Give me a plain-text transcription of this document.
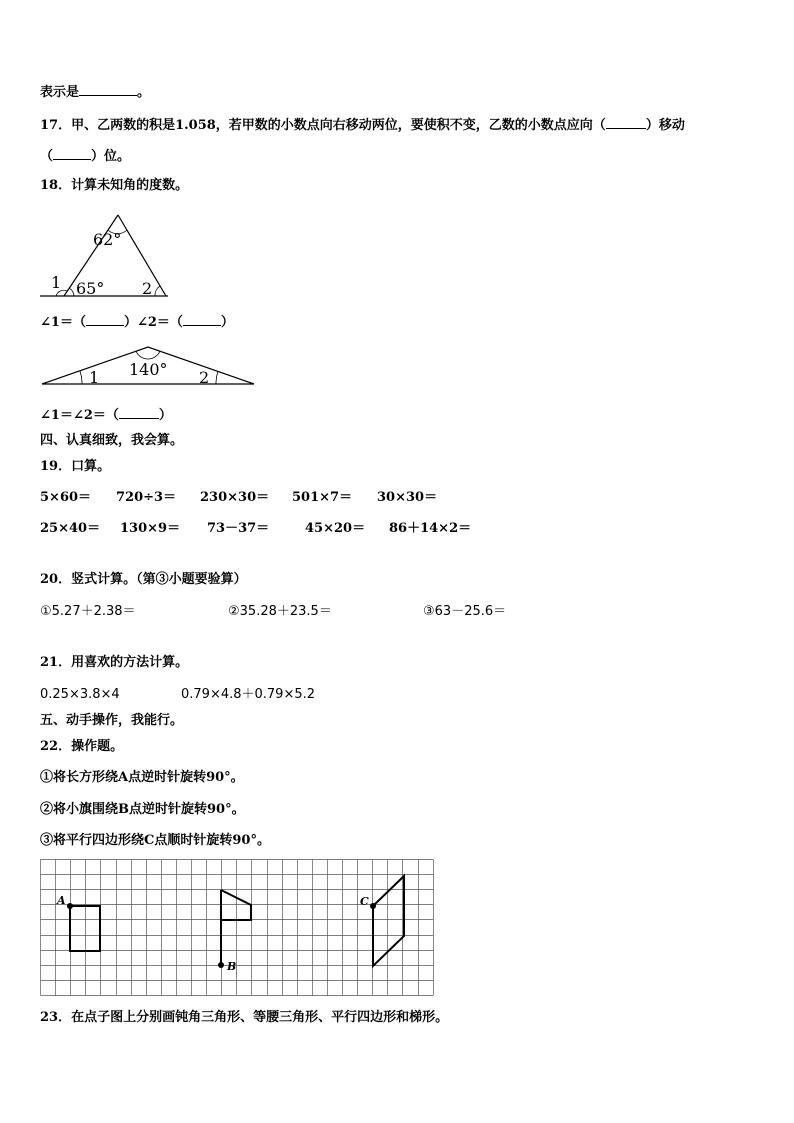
表示是	。
17．甲、乙两数的积是1.058，若甲数的小数点向右移动两位，要使积不变，乙数的小数点应向（	）移动
（	）位。
18．计算未知角的度数。
62°
65°
1	2
140°
1	2
∠1＝（	）∠2＝（	）
∠1＝∠2＝（	）
四、认真细致，我会算。
19．口算。
5×60＝ 720÷3＝ 230×30＝ 501×7＝ 30×30＝
25×40＝ 130×9＝ 73－37＝	45×20＝ 86＋14×2＝
20．竖式计算。（第③小题要验算）
①5.27＋2.38＝	②35.28＋23.5＝	③63－25.6＝
21．用喜欢的方法计算。
0.25×3.8×4	0.79×4.8＋0.79×5.2
五、动手操作，我能行。
22．操作题。
①将长方形绕A点逆时针旋转90°。
②将小旗围绕B点逆时针旋转90°。
③将平行四边形绕C点顺时针旋转90°。
A
B
C
23．在点子图上分别画钝角三角形、等腰三角形、平行四边形和梯形。
